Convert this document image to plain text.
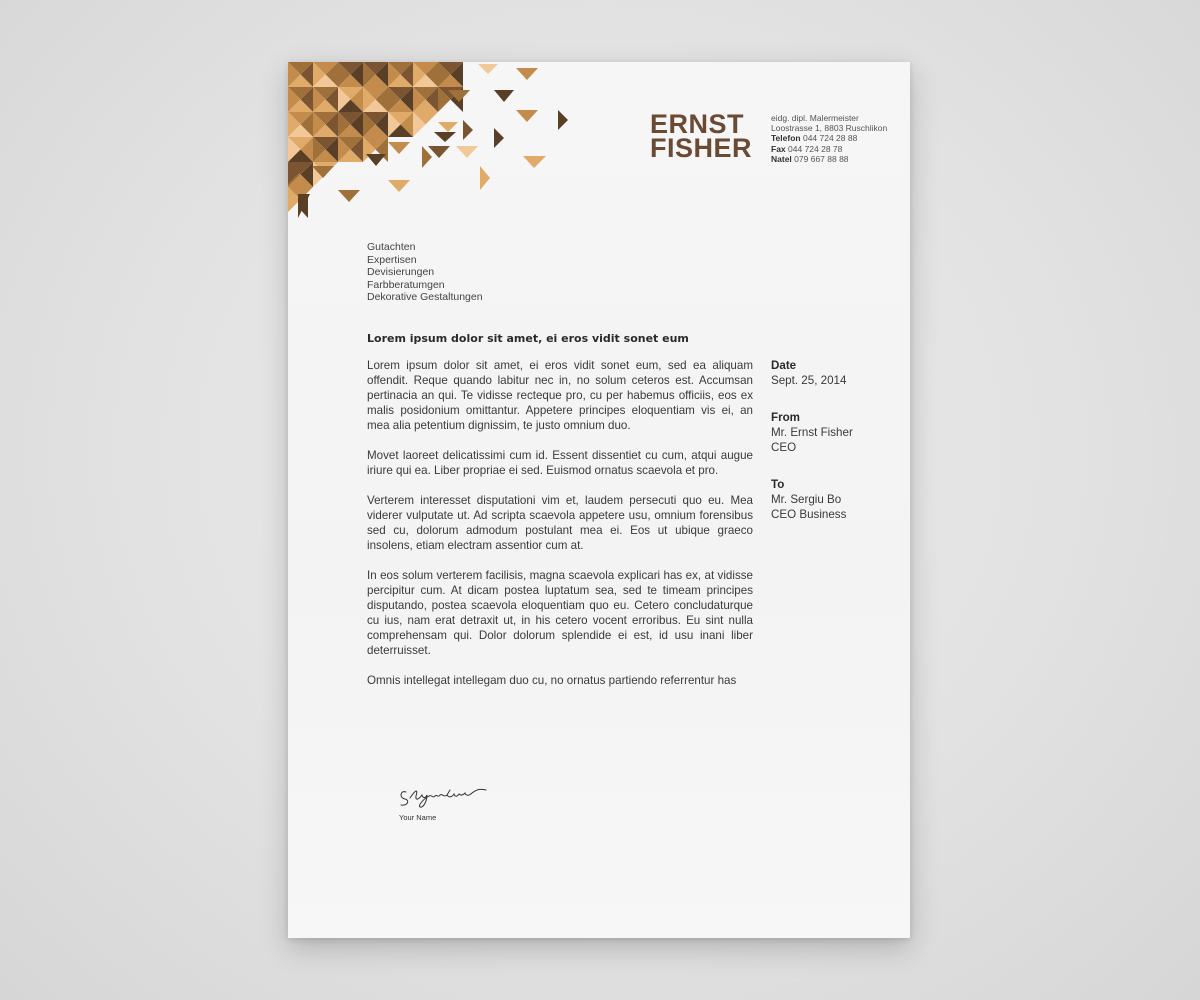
ERNST
FISHER
eidg. dipl. Malermeister
Loostrasse 1, 8803 Ruschlikon
Telefon 044 724 28 88
Fax 044 724 28 78
Natel 079 667 88 88
Gutachten
Expertisen
Devisierungen
Farbberatumgen
Dekorative Gestaltungen
Lorem ipsum dolor sit amet, ei eros vidit sonet eum

Lorem ipsum dolor sit amet, ei eros vidit sonet eum, sed ea aliquam offendit. Reque quando labitur nec in, no solum ceteros est. Accumsan pertinacia an qui. Te vidisse recteque pro, cu per habemus officiis, eos ex malis posidonium omittantur. Appetere principes eloquentiam vis ei, an mea alia petentium dignissim, te justo omnium duo.

Movet laoreet delicatissimi cum id. Essent dissentiet cu cum, atqui augue iriure qui ea. Liber propriae ei sed. Euismod ornatus scaevola et pro.

Verterem interesset disputationi vim et, laudem persecuti quo eu. Mea viderer vulputate ut. Ad scripta scaevola appetere usu, omnium forensibus sed cu, dolorum admodum postulant mea ei. Eos ut ubique graeco insolens, etiam electram assentior cum at.

In eos solum verterem facilisis, magna scaevola explicari has ex, at vidisse percipitur cum. At dicam postea luptatum sea, sed te timeam principes disputando, postea scaevola eloquentiam quo eu. Cetero concludaturque cu ius, nam erat detraxit ut, in his cetero vocent erroribus. Eu sint nulla comprehensam qui. Dolor dolorum splendide ei est, id usu inani liber deterruisset.

Omnis intellegat intellegam duo cu, no ornatus partiendo referrentur has

Date
Sept. 25, 2014
From
Mr. Ernst Fisher
CEO
To
Mr. Sergiu Bo
CEO Business
Your Name
